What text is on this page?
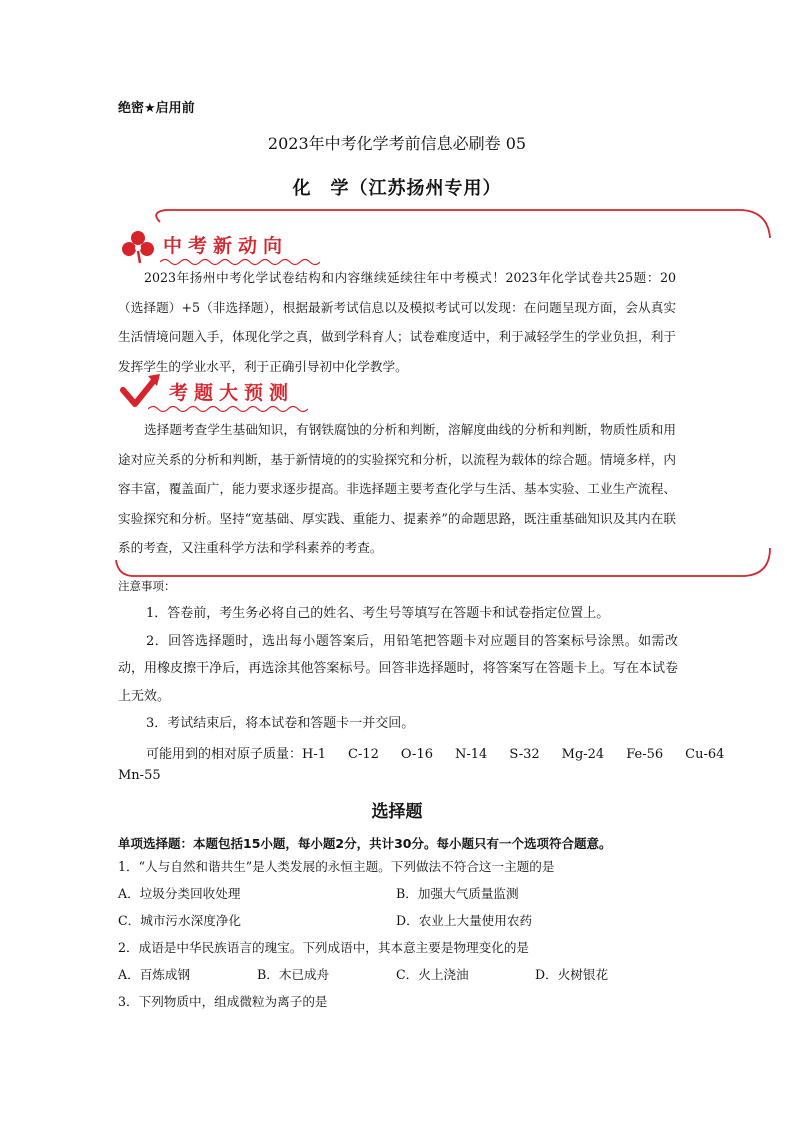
绝密★启用前
2023年中考化学考前信息必刷卷 05
化　学（江苏扬州专用）
中考新动向

2023年扬州中考化学试卷结构和内容继续延续往年中考模式！2023年化学试卷共25题：20（选择题）+5（非选择题），根据最新考试信息以及模拟考试可以发现：在问题呈现方面，会从真实生活情境问题入手，体现化学之真，做到学科育人；试卷难度适中，利于减轻学生的学业负担，利于发挥学生的学业水平，利于正确引导初中化学教学。

考题大预测

选择题考查学生基础知识，有钢铁腐蚀的分析和判断，溶解度曲线的分析和判断，物质性质和用途对应关系的分析和判断，基于新情境的的实验探究和分析，以流程为载体的综合题。情境多样，内容丰富，覆盖面广，能力要求逐步提高。非选择题主要考查化学与生活、基本实验、工业生产流程、实验探究和分析。坚持“宽基础、厚实践、重能力、提素养”的命题思路，既注重基础知识及其内在联系的考查，又注重科学方法和学科素养的考查。

注意事项：

1．答卷前，考生务必将自己的姓名、考生号等填写在答题卡和试卷指定位置上。

2．回答选择题时，选出每小题答案后，用铅笔把答题卡对应题目的答案标号涂黑。如需改动，用橡皮擦干净后，再选涂其他答案标号。回答非选择题时，将答案写在答题卡上。写在本试卷上无效。

3．考试结束后，将本试卷和答题卡一并交回。

可能用到的相对原子质量：H-1 C-12 O-16 N-14 S-32 Mg-24 Fe-56 Cu-64
Mn-55
选择题
单项选择题：本题包括15小题，每小题2分，共计30分。每小题只有一个选项符合题意。
1．“人与自然和谐共生”是人类发展的永恒主题。下列做法不符合这一主题的是
A．垃圾分类回收处理	B．加强大气质量监测
C．城市污水深度净化	D．农业上大量使用农药
2．成语是中华民族语言的瑰宝。下列成语中，其本意主要是物理变化的是
A．百炼成钢	B．木已成舟	C．火上浇油	D．火树银花
3．下列物质中，组成微粒为离子的是
